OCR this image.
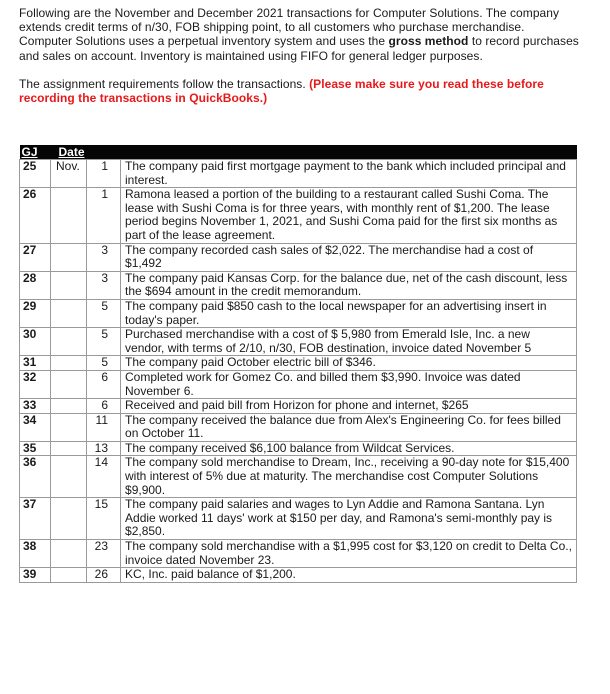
Following are the November and December 2021 transactions for Computer Solutions. The company extends credit terms of n/30, FOB shipping point, to all customers who purchase merchandise. Computer Solutions uses a perpetual inventory system and uses the gross method to record purchases and sales on account. Inventory is maintained using FIFO for general ledger purposes.

The assignment requirements follow the transactions. (Please make sure you read these before recording the transactions in QuickBooks.)

GJ	Date		
25	Nov.	1	The company paid first mortgage payment to the bank which included principal and interest.
26		1	Ramona leased a portion of the building to a restaurant called Sushi Coma. The lease with Sushi Coma is for three years, with monthly rent of $1,200. The lease period begins November 1, 2021, and Sushi Coma paid for the first six months as part of the lease agreement.
27		3	The company recorded cash sales of $2,022. The merchandise had a cost of $1,492
28		3	The company paid Kansas Corp. for the balance due, net of the cash discount, less the $694 amount in the credit memorandum.
29		5	The company paid $850 cash to the local newspaper for an advertising insert in today's paper.
30		5	Purchased merchandise with a cost of $ 5,980 from Emerald Isle, Inc. a new vendor, with terms of 2/10, n/30, FOB destination, invoice dated November 5
31		5	The company paid October electric bill of $346.
32		6	Completed work for Gomez Co. and billed them $3,990. Invoice was dated November 6.
33		6	Received and paid bill from Horizon for phone and internet, $265
34		11	The company received the balance due from Alex's Engineering Co. for fees billed on October 11.
35		13	The company received $6,100 balance from Wildcat Services.
36		14	The company sold merchandise to Dream, Inc., receiving a 90-day note for $15,400 with interest of 5% due at maturity. The merchandise cost Computer Solutions $9,900.
37		15	The company paid salaries and wages to Lyn Addie and Ramona Santana. Lyn Addie worked 11 days' work at $150 per day, and Ramona's semi-monthly pay is $2,850.
38		23	The company sold merchandise with a $1,995 cost for $3,120 on credit to Delta Co., invoice dated November 23.
39		26	KC, Inc. paid balance of $1,200.
